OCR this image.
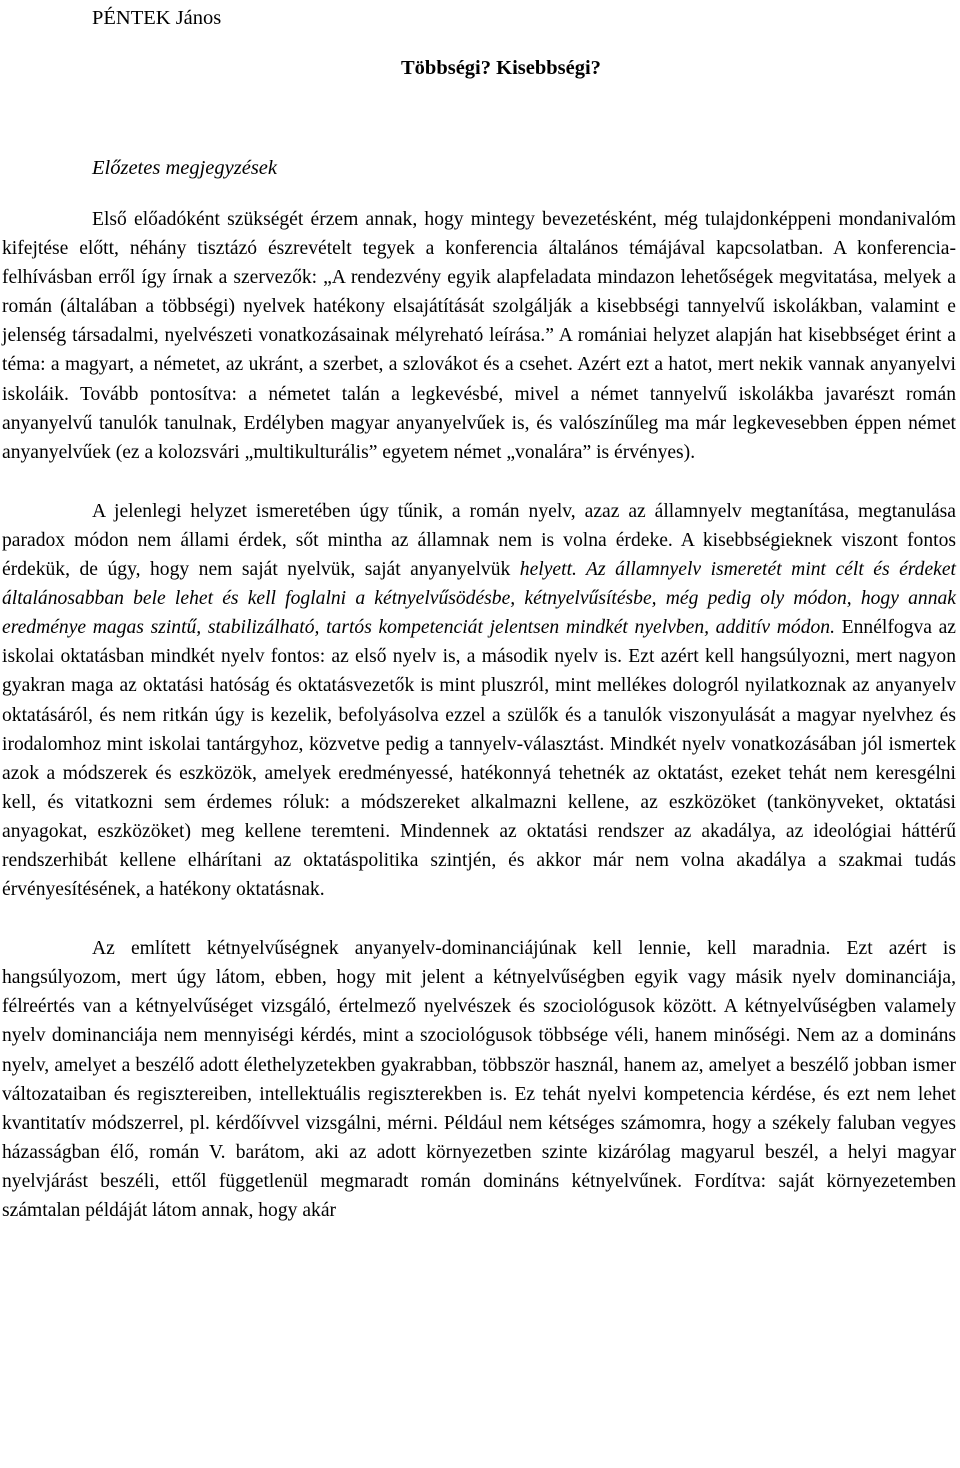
PÉNTEK János

Többségi? Kisebbségi?

Előzetes megjegyzések

Első előadóként szükségét érzem annak, hogy mintegy bevezetésként, még tulajdonképpeni mondanivalóm kifejtése előtt, néhány tisztázó észrevételt tegyek a konferencia általános témájával kapcsolatban. A konferencia-felhívásban erről így írnak a szervezők: „A rendezvény egyik alapfeladata mindazon lehetőségek megvitatása, melyek a román (általában a többségi) nyelvek hatékony elsajátítását szolgálják a kisebbségi tannyelvű iskolákban, valamint e jelenség társadalmi, nyelvészeti vonatkozásainak mélyreható leírása.” A romániai helyzet alapján hat kisebbséget érint a téma: a magyart, a németet, az ukránt, a szerbet, a szlovákot és a csehet. Azért ezt a hatot, mert nekik vannak anyanyelvi iskoláik. Tovább pontosítva: a németet talán a legkevésbé, mivel a német tannyelvű iskolákba javarészt román anyanyelvű tanulók tanulnak, Erdélyben magyar anyanyelvűek is, és valószínűleg ma már legkevesebben éppen német anyanyelvűek (ez a kolozsvári „multikulturális” egyetem német „vonalára” is érvényes).

A jelenlegi helyzet ismeretében úgy tűnik, a román nyelv, azaz az államnyelv megtanítása, megtanulása paradox módon nem állami érdek, sőt mintha az államnak nem is volna érdeke. A kisebbségieknek viszont fontos érdekük, de úgy, hogy nem saját nyelvük, saját anyanyelvük helyett. Az államnyelv ismeretét mint célt és érdeket általánosabban bele lehet és kell foglalni a kétnyelvűsödésbe, kétnyelvűsítésbe, még pedig oly módon, hogy annak eredménye magas szintű, stabilizálható, tartós kompetenciát jelentsen mindkét nyelvben, additív módon. Ennélfogva az iskolai oktatásban mindkét nyelv fontos: az első nyelv is, a második nyelv is. Ezt azért kell hangsúlyozni, mert nagyon gyakran maga az oktatási hatóság és oktatásvezetők is mint pluszról, mint mellékes dologról nyilatkoznak az anyanyelv oktatásáról, és nem ritkán úgy is kezelik, befolyásolva ezzel a szülők és a tanulók viszonyulását a magyar nyelvhez és irodalomhoz mint iskolai tantárgyhoz, közvetve pedig a tannyelv-választást. Mindkét nyelv vonatkozásában jól ismertek azok a módszerek és eszközök, amelyek eredményessé, hatékonnyá tehetnék az oktatást, ezeket tehát nem keresgélni kell, és vitatkozni sem érdemes róluk: a módszereket alkalmazni kellene, az eszközöket (tankönyveket, oktatási anyagokat, eszközöket) meg kellene teremteni. Mindennek az oktatási rendszer az akadálya, az ideológiai háttérű rendszerhibát kellene elhárítani az oktatáspolitika szintjén, és akkor már nem volna akadálya a szakmai tudás érvényesítésének, a hatékony oktatásnak.

Az említett kétnyelvűségnek anyanyelv-dominanciájúnak kell lennie, kell maradnia. Ezt azért is hangsúlyozom, mert úgy látom, ebben, hogy mit jelent a kétnyelvűségben egyik vagy másik nyelv dominanciája, félreértés van a kétnyelvűséget vizsgáló, értelmező nyelvészek és szociológusok között. A kétnyelvűségben valamely nyelv dominanciája nem mennyiségi kérdés, mint a szociológusok többsége véli, hanem minőségi. Nem az a domináns nyelv, amelyet a beszélő adott élethelyzetekben gyakrabban, többször használ, hanem az, amelyet a beszélő jobban ismer változataiban és regisztereiben, intellektuális regiszterekben is. Ez tehát nyelvi kompetencia kérdése, és ezt nem lehet kvantitatív módszerrel, pl. kérdőívvel vizsgálni, mérni. Például nem kétséges számomra, hogy a székely faluban vegyes házasságban élő, román V. barátom, aki az adott környezetben szinte kizárólag magyarul beszél, a helyi magyar nyelvjárást beszéli, ettől függetlenül megmaradt román domináns kétnyelvűnek. Fordítva: saját környezetemben számtalan példáját látom annak, hogy akár
